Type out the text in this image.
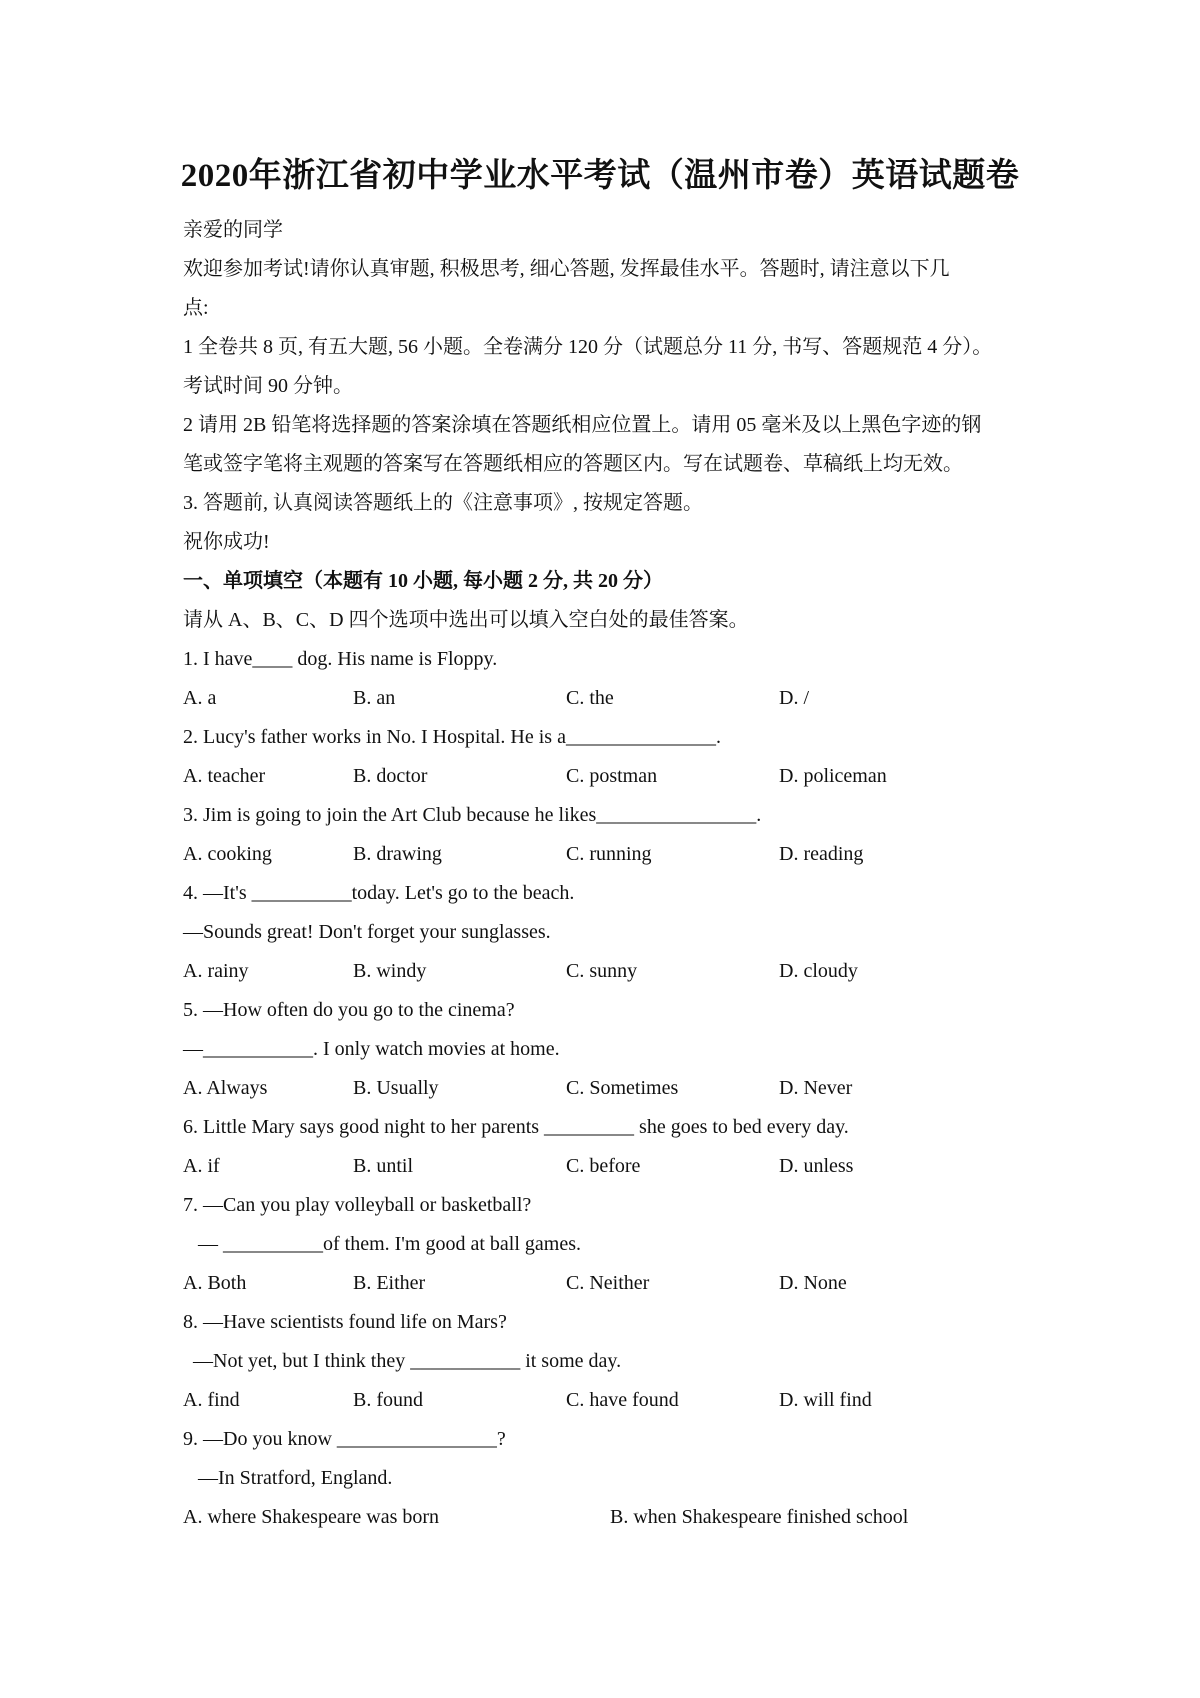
2020年浙江省初中学业水平考试（温州市卷）英语试题卷
亲爱的同学
欢迎参加考试!请你认真审题, 积极思考, 细心答题, 发挥最佳水平。答题时, 请注意以下几
点:
1 全卷共 8 页, 有五大题, 56 小题。全卷满分 120 分（试题总分 11 分, 书写、答题规范 4 分）。
考试时间 90 分钟。
2 请用 2B 铅笔将选择题的答案涂填在答题纸相应位置上。请用 05 毫米及以上黑色字迹的钢
笔或签字笔将主观题的答案写在答题纸相应的答题区内。写在试题卷、草稿纸上均无效。
3. 答题前, 认真阅读答题纸上的《注意事项》, 按规定答题。
祝你成功!
一、单项填空（本题有 10 小题, 每小题 2 分, 共 20 分）
请从 A、B、C、D 四个选项中选出可以填入空白处的最佳答案。
1. I have____ dog. His name is Floppy.
A. a	B. an	C. the	D. /
2. Lucy's father works in No. I Hospital. He is a_______________.
A. teacher	B. doctor	C. postman	D. policeman
3. Jim is going to join the Art Club because he likes________________.
A. cooking	B. drawing	C. running	D. reading
4. —It's __________today. Let's go to the beach.
—Sounds great! Don't forget your sunglasses.
A. rainy	B. windy	C. sunny	D. cloudy
5. —How often do you go to the cinema?
—___________. I only watch movies at home.
A. Always	B. Usually	C. Sometimes	D. Never
6. Little Mary says good night to her parents _________ she goes to bed every day.
A. if	B. until	C. before	D. unless
7. —Can you play volleyball or basketball?
— __________of them. I'm good at ball games.
A. Both	B. Either	C. Neither	D. None
8. —Have scientists found life on Mars?
—Not yet, but I think they ___________ it some day.
A. find	B. found	C. have found	D. will find
9. —Do you know ________________?
—In Stratford, England.
A. where Shakespeare was born	B. when Shakespeare finished school
